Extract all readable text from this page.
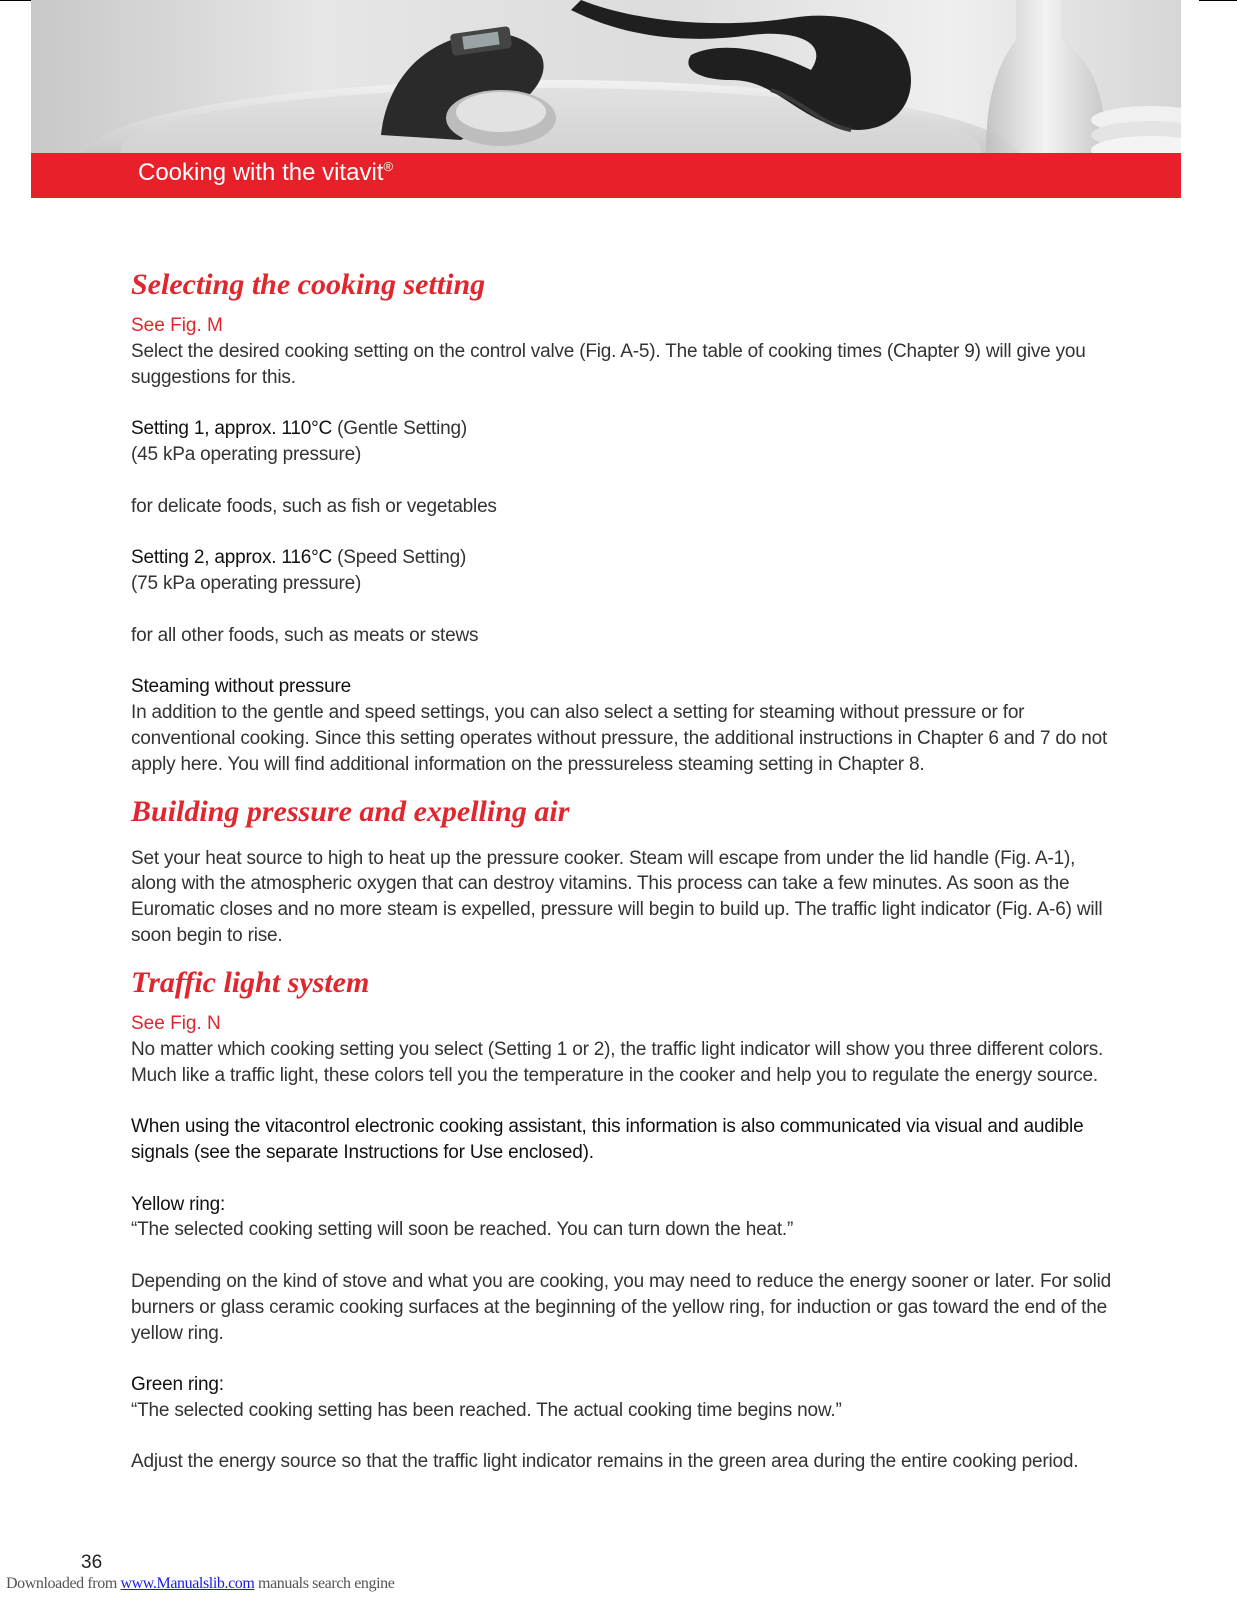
Cooking with the vitavit®
Selecting the cooking setting
See Fig. M

Select the desired cooking setting on the control valve (Fig. A-5). The table of cooking times (Chapter 9) will give you suggestions for this.

Setting 1, approx. 110°C (Gentle Setting)

(45 kPa operating pressure)

for delicate foods, such as fish or vegetables

Setting 2, approx. 116°C (Speed Setting)

(75 kPa operating pressure)

for all other foods, such as meats or stews

Steaming without pressure

In addition to the gentle and speed settings, you can also select a setting for steaming without pressure or for conventional cooking. Since this setting operates without pressure, the additional instructions in Chapter 6 and 7 do not apply here. You will find additional information on the pressureless steaming setting in Chapter 8.

Building pressure and expelling air

Set your heat source to high to heat up the pressure cooker. Steam will escape from under the lid handle (Fig. A-1), along with the atmospheric oxygen that can destroy vitamins. This process can take a few minutes. As soon as the Euromatic closes and no more steam is expelled, pressure will begin to build up. The traffic light indicator (Fig. A-6) will soon begin to rise.

Traffic light system
See Fig. N

No matter which cooking setting you select (Setting 1 or 2), the traffic light indicator will show you three different colors. Much like a traffic light, these colors tell you the temperature in the cooker and help you to regulate the energy source.

When using the vitacontrol electronic cooking assistant, this information is also communicated via visual and audible signals (see the separate Instructions for Use enclosed).

Yellow ring:

“The selected cooking setting will soon be reached. You can turn down the heat.”

Depending on the kind of stove and what you are cooking, you may need to reduce the energy sooner or later. For solid burners or glass ceramic cooking surfaces at the beginning of the yellow ring, for induction or gas toward the end of the yellow ring.

Green ring:

“The selected cooking setting has been reached. The actual cooking time begins now.”

Adjust the energy source so that the traffic light indicator remains in the green area during the entire cooking period.

36
Downloaded from www.Manualslib.com manuals search engine
